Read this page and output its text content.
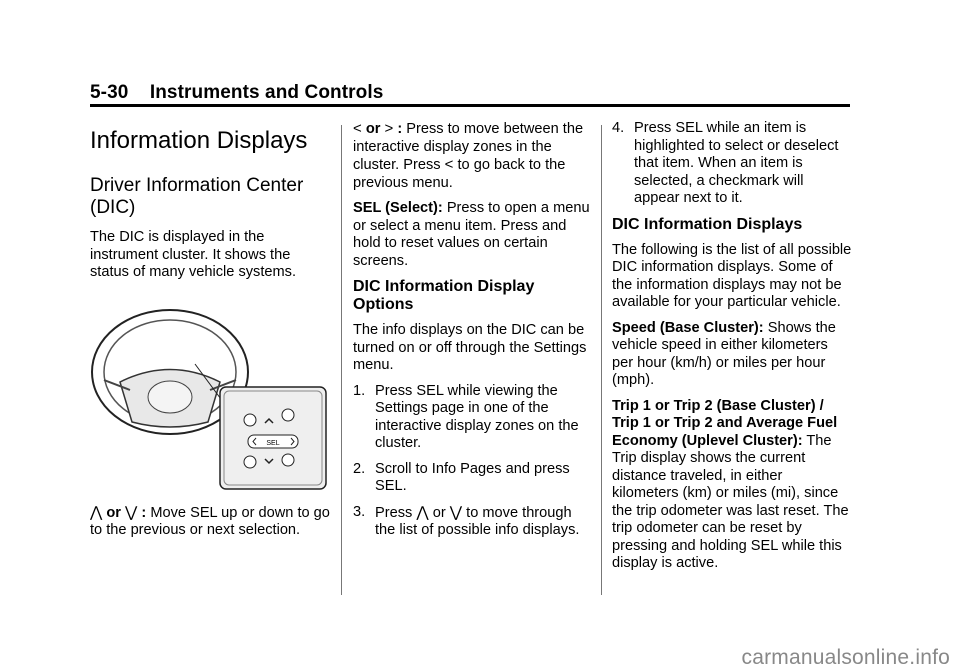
5-30 Instruments and Controls
Information Displays
Driver Information Center (DIC)

The DIC is displayed in the instrument cluster. It shows the status of many vehicle systems.

SEL

⋀ or ⋁ : Move SEL up or down to go to the previous or next selection.

< or > : Press to move between the interactive display zones in the cluster. Press < to go back to the previous menu.

SEL (Select): Press to open a menu or select a menu item. Press and hold to reset values on certain screens.

DIC Information Display Options

The info displays on the DIC can be turned on or off through the Settings menu.

1. Press SEL while viewing the Settings page in one of the interactive display zones on the cluster.
2. Scroll to Info Pages and press SEL.
3. Press ⋀ or ⋁ to move through the list of possible info displays.
4. Press SEL while an item is highlighted to select or deselect that item. When an item is selected, a checkmark will appear next to it.
DIC Information Displays

The following is the list of all possible DIC information displays. Some of the information displays may not be available for your particular vehicle.

Speed (Base Cluster): Shows the vehicle speed in either kilometers per hour (km/h) or miles per hour (mph).

Trip 1 or Trip 2 (Base Cluster) / Trip 1 or Trip 2 and Average Fuel Economy (Uplevel Cluster): The Trip display shows the current distance traveled, in either kilometers (km) or miles (mi), since the trip odometer was last reset. The trip odometer can be reset by pressing and holding SEL while this display is active.

carmanualsonline.info
